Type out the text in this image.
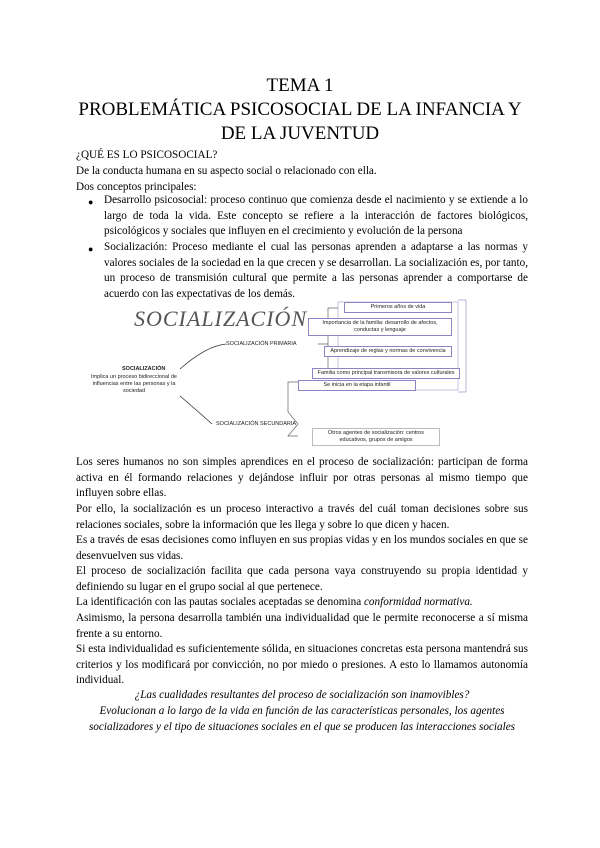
TEMA 1
PROBLEMÁTICA PSICOSOCIAL DE LA INFANCIA Y
DE LA JUVENTUD
¿QUÉ ES LO PSICOSOCIAL?
De la conducta humana en su aspecto social o relacionado con ella.
Dos conceptos principales:
● Desarrollo psicosocial: proceso continuo que comienza desde el nacimiento y se extiende a lo largo de toda la vida. Este concepto se refiere a la interacción de factores biológicos, psicológicos y sociales que influyen en el crecimiento y evolución de la persona
● Socialización: Proceso mediante el cual las personas aprenden a adaptarse a las normas y valores sociales de la sociedad en la que crecen y se desarrollan. La socialización es, por tanto, un proceso de transmisión cultural que permite a las personas aprender a comportarse de acuerdo con las expectativas de los demás.
SOCIALIZACIÓN
SOCIALIZACIÓN
Implica un proceso bidireccional de influencias entre las personas y la sociedad
SOCIALIZACIÓN PRIMARIA
SOCIALIZACIÓN SECUNDARIA
Primeros años de vida
Importancia de la familia: desarrollo de afectos, conductas y lenguaje
Aprendizaje de reglas y normas de convivencia
Familia como principal transmisora de valores culturales
Se inicia en la etapa infantil
Otros agentes de socialización: centros educativos, grupos de amigos
Los seres humanos no son simples aprendices en el proceso de socialización: participan de forma activa en él formando relaciones y dejándose influir por otras personas al mismo tiempo que influyen sobre ellas.
Por ello, la socialización es un proceso interactivo a través del cuál toman decisiones sobre sus relaciones sociales, sobre la información que les llega y sobre lo que dicen y hacen.
Es a través de esas decisiones como influyen en sus propias vidas y en los mundos sociales en que se desenvuelven sus vidas.
El proceso de socialización facilita que cada persona vaya construyendo su propia identidad y definiendo su lugar en el grupo social al que pertenece.
La identificación con las pautas sociales aceptadas se denomina conformidad normativa.
Asimismo, la persona desarrolla también una individualidad que le permite reconocerse a sí misma frente a su entorno.
Si esta individualidad es suficientemente sólida, en situaciones concretas esta persona mantendrá sus criterios y los modificará por convicción, no por miedo o presiones. A esto lo llamamos autonomía individual.
¿Las cualidades resultantes del proceso de socialización son inamovibles?
Evolucionan a lo largo de la vida en función de las características personales, los agentes socializadores y el tipo de situaciones sociales en el que se producen las interacciones sociales
